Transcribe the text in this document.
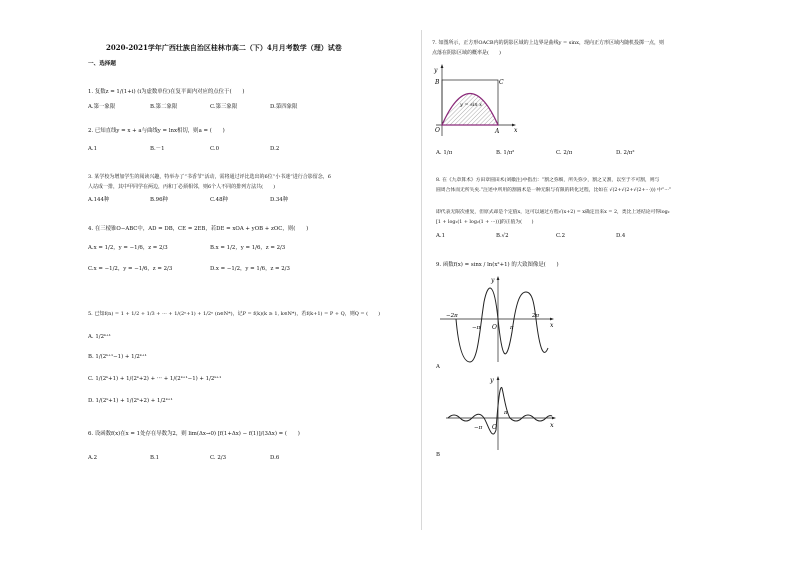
2020-2021学年广西壮族自治区桂林市高二（下）4月月考数学（理）试卷
一、选择题
1. 复数z = 1/(1+i) (i为虚数单位)在复平面内对应的点位于(　　)
A.第一象限	B.第二象限	C.第三象限	D.第四象限
2. 已知直线y = x + a与曲线y = lnx相切，则a = (　　)
A.1	B.－1	C.0	D.2
3. 某学校为增加学生的阅读兴趣，特举办了“书香节”活动，需将通过评比选出的6位“小书迷”进行合影留念，6
人站成一排，其中甲同学在两边，丙和丁必须相邻，则6个人不同的排列方法共(　　)
A.144种	B.96种	C.48种	D.34种
4. 在三棱锥O−ABC中，AD = DB，CE = 2EB，若DE = xOA + yOB + zOC，则(　　)
A.x = 1/2，y = −1/6，z = 2/3	B.x = 1/2，y = 1/6，z = 2/3
C.x = −1/2，y = −1/6，z = 2/3	D.x = −1/2，y = 1/6，z = 2/3
5. 已知f(n) = 1 + 1/2 + 1/3 + ··· + 1/(2ⁿ+1) + 1/2ⁿ (n∈N*)，记P = f(k)(k ≥ 1, k∈N*)，若f(k+1) = P + Q，则Q = (　　)
A. 1/2ᵏ⁺¹
B. 1/(2ᵏ⁺¹−1) + 1/2ᵏ⁺¹
C. 1/(2ᵏ+1) + 1/(2ᵏ+2) + ··· + 1/(2ᵏ⁺¹−1) + 1/2ᵏ⁺¹
D. 1/(2ᵏ+1) + 1/(2ᵏ+2) + 1/2ᵏ⁺¹
6. 设函数f(x)在x = 1处存在导数为2，则 lim(Δx→0) [f(1+Δx) − f(1)]/(3Δx) = (　　)
A.2	B.1	C. 2/3	D.6
7. 如图所示，正方形OACB内的阴影区域的上边界是曲线y = sinx，现向正方形区域内随机投掷一点，则
点落在阴影区域的概率是(　　)
y
B	C
y = sin x
O	A x
A. 1/π	B. 1/π²	C. 2/π	D. 2/π²
8. 在《九章算术》方田章圆田术(刘徽注)中指出：“割之弥细，所失弥少，割之又割，以至于不可割，则与
圆周合体而无所失矣.”注述中所用的割圆术是一种无限与有限的转化过程，比如在 √(2+√(2+√(2+···))) 中“···”
即代表无限次重复，但原式却是个定值x，这可以通过方程√(x+2) = x确定出来x = 2，类比上述结论可得log₂
[1 + log₂(1 + log₂(1 + ···))]的正值为(　　)
A.1	B.√2	C.2	D.4
9. 函数f(x) = sinx / ln(x²+1) 的大致图像是(　　)
y
−2π
−π O π
2π
x
A
y
−π O
π
x
B
